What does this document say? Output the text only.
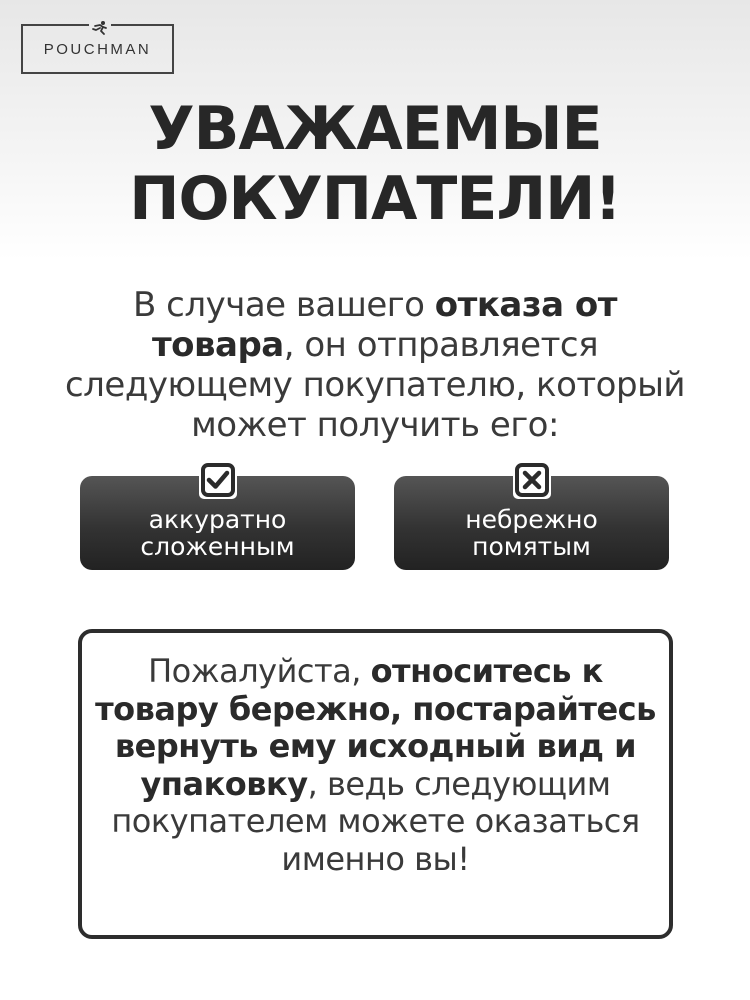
POUCHMAN
УВАЖАЕМЫЕ
ПОКУПАТЕЛИ!
В случае вашего отказа от товара, он отправляется следующему покупателю, который может получить его:
аккуратно
сложенным
небрежно
помятым
Пожалуйста, относитесь к товару бережно, постарайтесь вернуть ему исходный вид и упаковку, ведь следующим покупателем можете оказаться именно вы!
